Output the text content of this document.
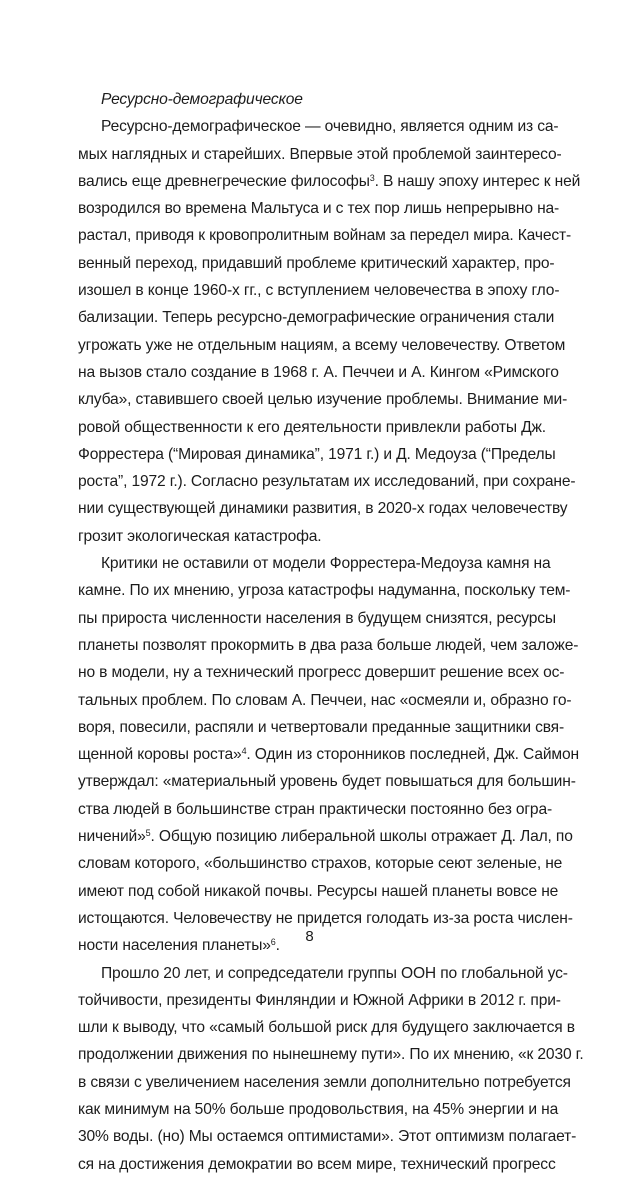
Ресурсно-демографическое
Ресурсно-демографическое — очевидно, является одним из са-
мых наглядных и старейших. Впервые этой проблемой заинтересо-
вались еще древнегреческие философы$^3$. В нашу эпоху интерес к ней
возродился во времена Мальтуса и с тех пор лишь непрерывно на-
растал, приводя к кровопролитным войнам за передел мира. Качест-
венный переход, придавший проблеме критический характер, про-
изошел в конце 1960-х гг., с вступлением человечества в эпоху гло-
бализации. Теперь ресурсно-демографические ограничения стали
угрожать уже не отдельным нациям, а всему человечеству. Ответом
на вызов стало создание в 1968 г. А. Печчеи и А. Кингом «Римского
клуба», ставившего своей целью изучение проблемы. Внимание ми-
ровой общественности к его деятельности привлекли работы Дж.
Форрестера (“Мировая динамика”, 1971 г.) и Д. Медоуза (“Пределы
роста”, 1972 г.). Согласно результатам их исследований, при сохране-
нии существующей динамики развития, в 2020-х годах человечеству
грозит экологическая катастрофа.
Критики не оставили от модели Форрестера-Медоуза камня на
камне. По их мнению, угроза катастрофы надуманна, поскольку тем-
пы прироста численности населения в будущем снизятся, ресурсы
планеты позволят прокормить в два раза больше людей, чем заложе-
но в модели, ну а технический прогресс довершит решение всех ос-
тальных проблем. По словам А. Печчеи, нас «осмеяли и, образно го-
воря, повесили, распяли и четвертовали преданные защитники свя-
щенной коровы роста»$^4$. Один из сторонников последней, Дж. Саймон
утверждал: «материальный уровень будет повышаться для большин-
ства людей в большинстве стран практически постоянно без огра-
ничений»$^5$. Общую позицию либеральной школы отражает Д. Лал, по
словам которого, «большинство страхов, которые сеют зеленые, не
имеют под собой никакой почвы. Ресурсы нашей планеты вовсе не
истощаются. Человечеству не придется голодать из-за роста числен-
ности населения планеты»$^6$.
Прошло 20 лет, и сопредседатели группы ООН по глобальной ус-
тойчивости, президенты Финляндии и Южной Африки в 2012 г. при-
шли к выводу, что «самый большой риск для будущего заключается в
продолжении движения по нынешнему пути». По их мнению, «к 2030 г.
в связи с увеличением населения земли дополнительно потребуется
как минимум на 50% больше продовольствия, на 45% энергии и на
30% воды. (но) Мы остаемся оптимистами». Этот оптимизм полагает-
ся на достижения демократии во всем мире, технический прогресс
8
